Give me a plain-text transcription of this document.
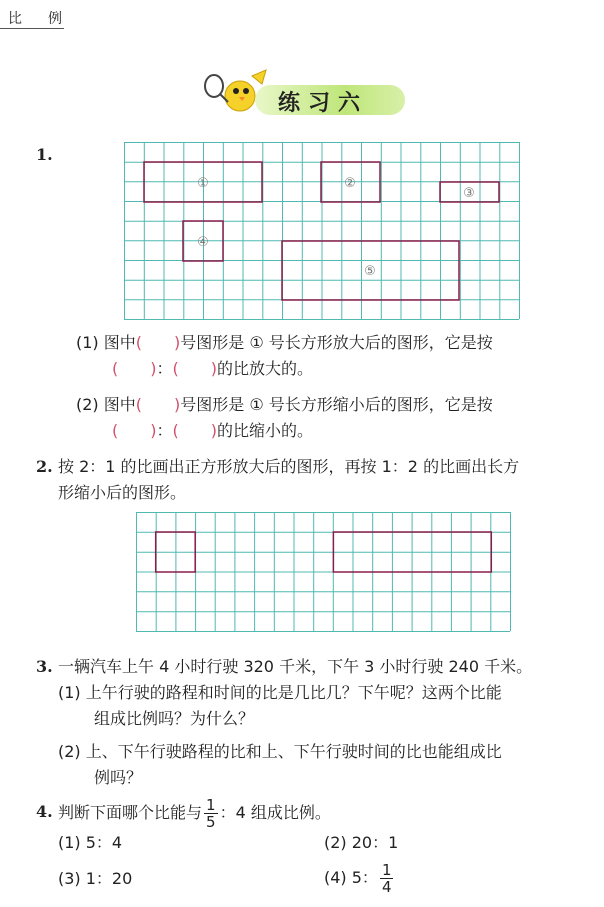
比　例
练习六
1.
①	②
③
④
⑤
(1) 图中(　　)号图形是 ① 号长方形放大后的图形，它是按
(　　)：(　　)的比放大的。
(2) 图中(　　)号图形是 ① 号长方形缩小后的图形，它是按
(　　)：(　　)的比缩小的。
2. 按 2：1 的比画出正方形放大后的图形，再按 1：2 的比画出长方
形缩小后的图形。
3. 一辆汽车上午 4 小时行驶 320 千米，下午 3 小时行驶 240 千米。
(1) 上午行驶的路程和时间的比是几比几？下午呢？这两个比能
组成比例吗？为什么？
(2) 上、下午行驶路程的比和上、下午行驶时间的比也能组成比
例吗？
4. 判断下面哪个比能与 $\frac{1}{5}$ ：4 组成比例。
(1) 5：4	(2) 20：1
(3) 1：20	(4) 5： $\frac{1}{4}$
